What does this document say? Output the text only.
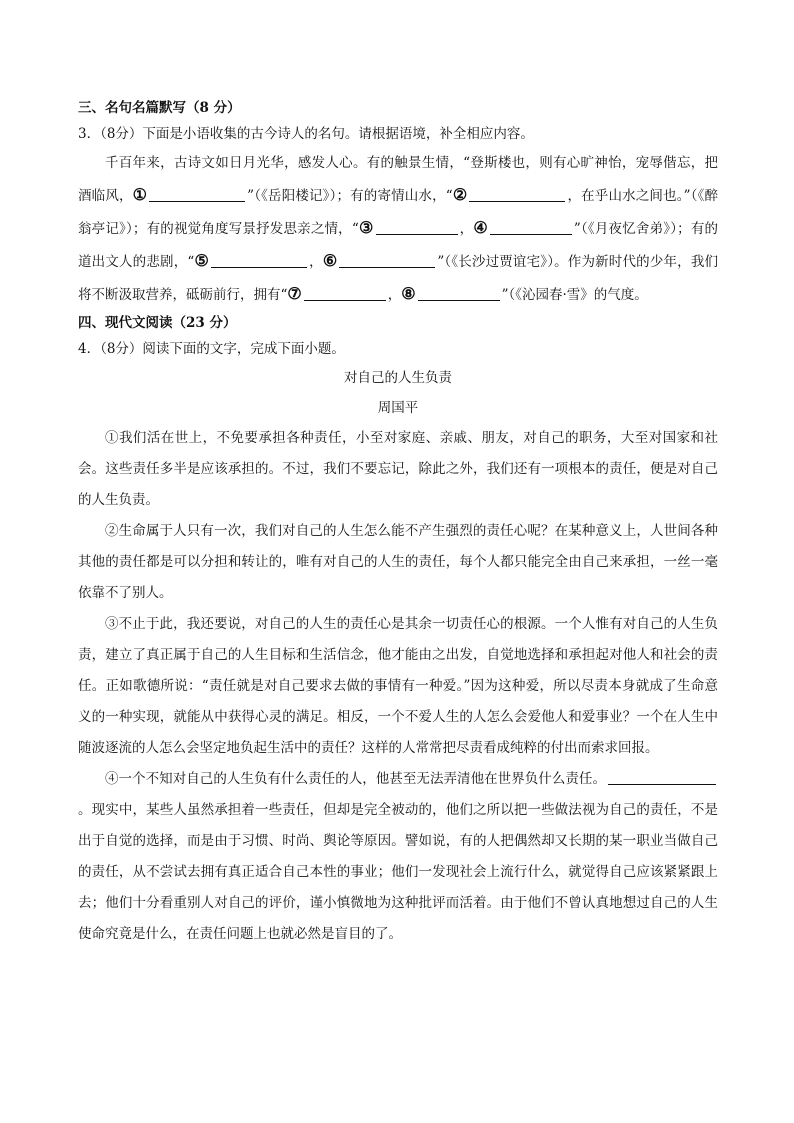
三、名句名篇默写（8 分）

3．（8分）下面是小语收集的古今诗人的名句。请根据语境，补全相应内容。

千百年来，古诗文如日月光华，感发人心。有的触景生情，“登斯楼也，则有心旷神怡，宠辱偕忘，把酒临风，①	”（《岳阳楼记》）；有的寄情山水，“②	，在乎山水之间也。”（《醉翁亭记》）；有的视觉角度写景抒发思亲之情，“③	，④	”（《月夜忆舍弟》）；有的道出文人的悲剧，“⑤	，⑥	”（《长沙过贾谊宅》）。作为新时代的少年，我们将不断汲取营养，砥砺前行，拥有“⑦	，⑧	”（《沁园春·雪》的气度。

四、现代文阅读（23 分）

4．（8分）阅读下面的文字，完成下面小题。

对自己的人生负责

周国平

①我们活在世上，不免要承担各种责任，小至对家庭、亲戚、朋友，对自己的职务，大至对国家和社会。这些责任多半是应该承担的。不过，我们不要忘记，除此之外，我们还有一项根本的责任，便是对自己的人生负责。

②生命属于人只有一次，我们对自己的人生怎么能不产生强烈的责任心呢？在某种意义上，人世间各种其他的责任都是可以分担和转让的，唯有对自己的人生的责任，每个人都只能完全由自己来承担，一丝一毫依靠不了别人。

③不止于此，我还要说，对自己的人生的责任心是其余一切责任心的根源。一个人惟有对自己的人生负责，建立了真正属于自己的人生目标和生活信念，他才能由之出发，自觉地选择和承担起对他人和社会的责任。正如歌德所说：“责任就是对自己要求去做的事情有一种爱。”因为这种爱，所以尽责本身就成了生命意义的一种实现，就能从中获得心灵的满足。相反，一个不爱人生的人怎么会爱他人和爱事业？一个在人生中随波逐流的人怎么会坚定地负起生活中的责任？这样的人常常把尽责看成纯粹的付出而索求回报。

④一个不知对自己的人生负有什么责任的人，他甚至无法弄清他在世界负什么责任。。现实中，某些人虽然承担着一些责任，但却是完全被动的，他们之所以把一些做法视为自己的责任，不是出于自觉的选择，而是由于习惯、时尚、舆论等原因。譬如说，有的人把偶然却又长期的某一职业当做自己的责任，从不尝试去拥有真正适合自己本性的事业；他们一发现社会上流行什么，就觉得自己应该紧紧跟上去；他们十分看重别人对自己的评价，谨小慎微地为这种批评而活着。由于他们不曾认真地想过自己的人生使命究竟是什么，在责任问题上也就必然是盲目的了。
